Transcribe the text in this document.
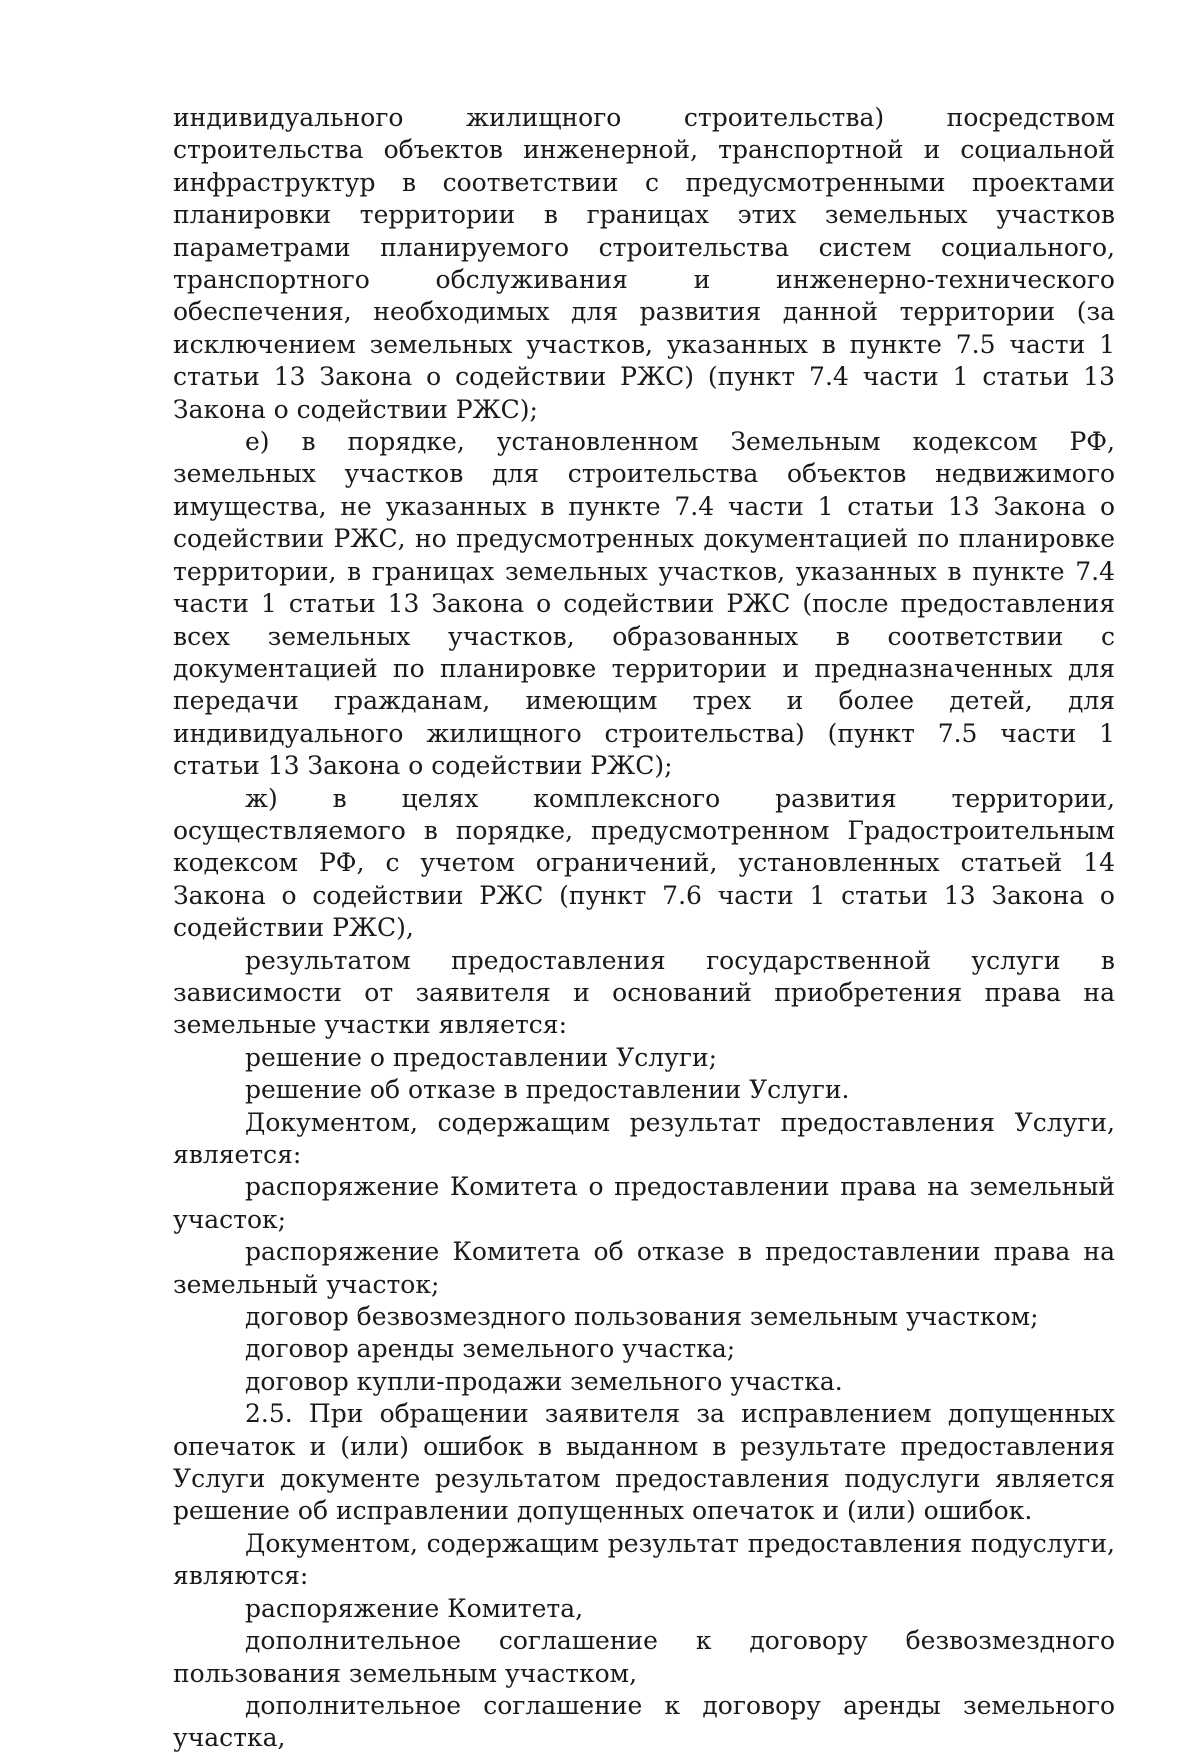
индивидуального жилищного строительства) посредством строительства объектов инженерной, транспортной и социальной инфраструктур в соответствии с предусмотренными проектами планировки территории в границах этих земельных участков параметрами планируемого строительства систем социального, транспортного обслуживания и инженерно-технического обеспечения, необходимых для развития данной территории (за исключением земельных участков, указанных в пункте 7.5 части 1 статьи 13 Закона о содействии РЖС) (пункт 7.4 части 1 статьи 13 Закона о содействии РЖС);

е) в порядке, установленном Земельным кодексом РФ, земельных участков для строительства объектов недвижимого имущества, не указанных в пункте 7.4 части 1 статьи 13 Закона о содействии РЖС, но предусмотренных документацией по планировке территории, в границах земельных участков, указанных в пункте 7.4 части 1 статьи 13 Закона о содействии РЖС (после предоставления всех земельных участков, образованных в соответствии с документацией по планировке территории и предназначенных для передачи гражданам, имеющим трех и более детей, для индивидуального жилищного строительства) (пункт 7.5 части 1 статьи 13 Закона о содействии РЖС);

ж) в целях комплексного развития территории, осуществляемого в порядке, предусмотренном Градостроительным кодексом РФ, с учетом ограничений, установленных статьей 14 Закона о содействии РЖС (пункт 7.6 части 1 статьи 13 Закона о содействии РЖС),

результатом предоставления государственной услуги в зависимости от заявителя и оснований приобретения права на земельные участки является:

решение о предоставлении Услуги;

решение об отказе в предоставлении Услуги.

Документом, содержащим результат предоставления Услуги, является:

распоряжение Комитета о предоставлении права на земельный участок;

распоряжение Комитета об отказе в предоставлении права на земельный участок;

договор безвозмездного пользования земельным участком;

договор аренды земельного участка;

договор купли-продажи земельного участка.

2.5. При обращении заявителя за исправлением допущенных опечаток и (или) ошибок в выданном в результате предоставления Услуги документе результатом предоставления подуслуги является решение об исправлении допущенных опечаток и (или) ошибок.

Документом, содержащим результат предоставления подуслуги, являются:

распоряжение Комитета,

дополнительное соглашение к договору безвозмездного пользования земельным участком,

дополнительное соглашение к договору аренды земельного участка,
